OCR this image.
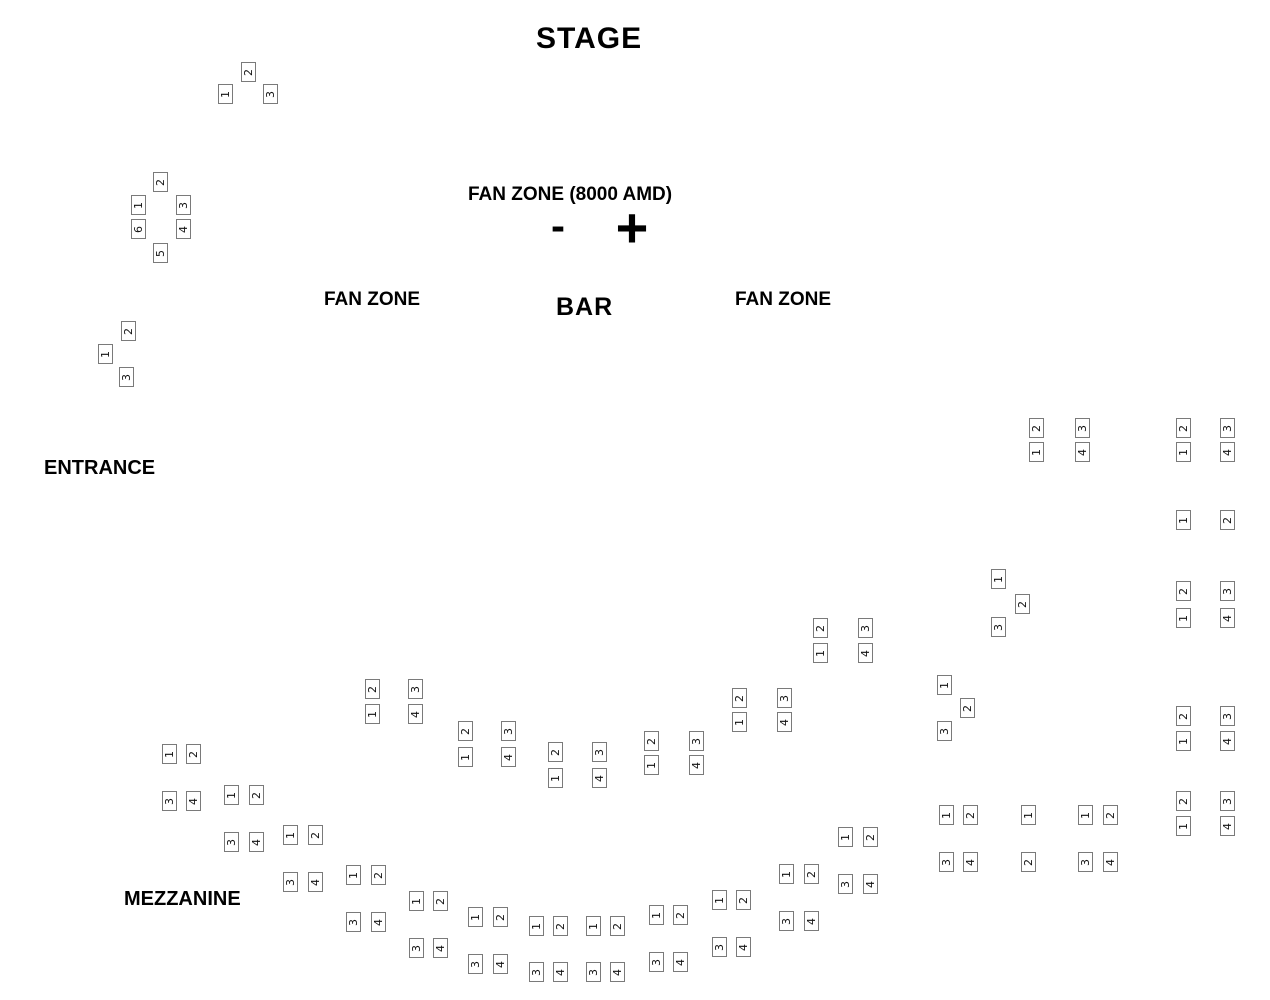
STAGE
FAN ZONE (8000 AMD)
- +
FAN ZONE	BAR	FAN ZONE
ENTRANCE
MEZZANINE
2
1	3
2
1	3
6	4
5
2
1
3
2	3
1	4
2	3
1	4
1	2
1
2
3
2	3
1	4
2	3
1	4
1
2
3
2	3
1	4
2	3
1	4
2	3
1	4
2	3
1	4
2	3
1	4
2	3
1	4
2	3
1	4
1 2
3 4
1 2
3 4
1 2
3 4
1 2
3 4
1 2
3 4
1 2
3 4
1 2
3 4
1 2
3 4
1 2
3 4
1 2
3 4
1 2
3 4
1 2
3 4
1 2
3 4
1
2
1 2
3 4
